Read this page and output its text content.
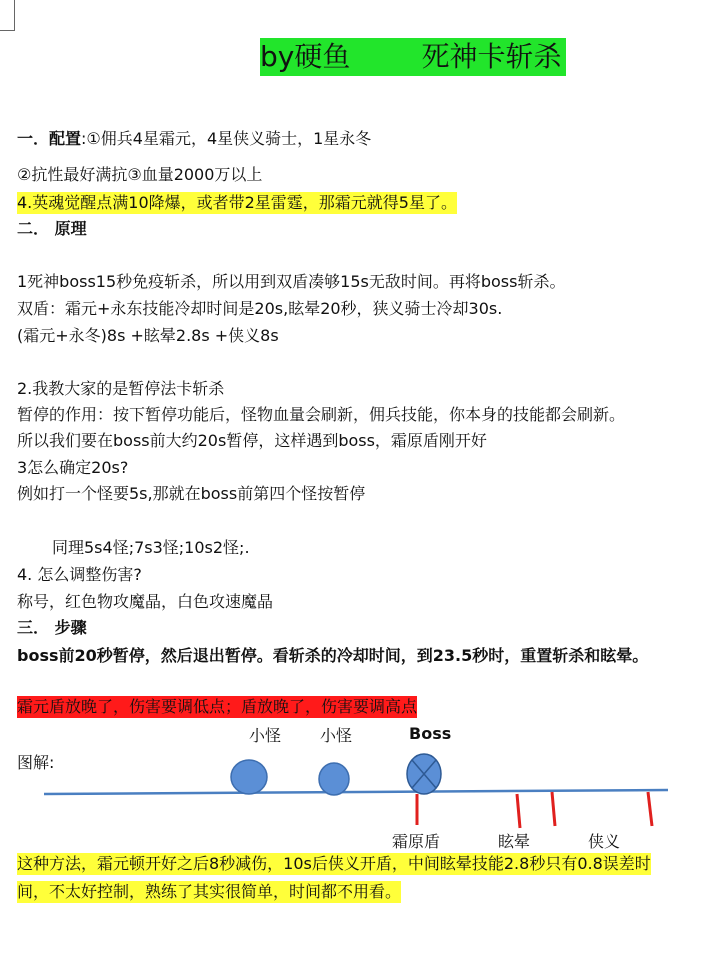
by硬鱼        死神卡斩杀
一．配置:①佣兵4星霜元，4星侠义骑士，1星永冬
②抗性最好满抗③血量2000万以上
4.英魂觉醒点满10降爆，或者带2星雷霆，那霜元就得5星了。
二． 原理
1死神boss15秒免疫斩杀，所以用到双盾凑够15s无敌时间。再将boss斩杀。
双盾：霜元+永东技能冷却时间是20s,眩晕20秒，狭义骑士冷却30s.
(霜元+永冬)8s +眩晕2.8s +侠义8s
2.我教大家的是暂停法卡斩杀
暂停的作用：按下暂停功能后，怪物血量会刷新，佣兵技能，你本身的技能都会刷新。
所以我们要在boss前大约20s暂停，这样遇到boss，霜原盾刚开好
3怎么确定20s?
例如打一个怪要5s,那就在boss前第四个怪按暂停
同理5s4怪;7s3怪;10s2怪;.
4. 怎么调整伤害?
称号，红色物攻魔晶，白色攻速魔晶
三． 步骤
boss前20秒暂停，然后退出暂停。看斩杀的冷却时间，到23.5秒时，重置斩杀和眩晕。
霜元盾放晚了，伤害要调低点；盾放晚了，伤害要调高点
图解:
小怪 小怪	Boss
霜原盾	眩晕	侠义
这种方法，霜元顿开好之后8秒减伤，10s后侠义开盾，中间眩晕技能2.8秒只有0.8误差时
间，不太好控制，熟练了其实很简单，时间都不用看。
